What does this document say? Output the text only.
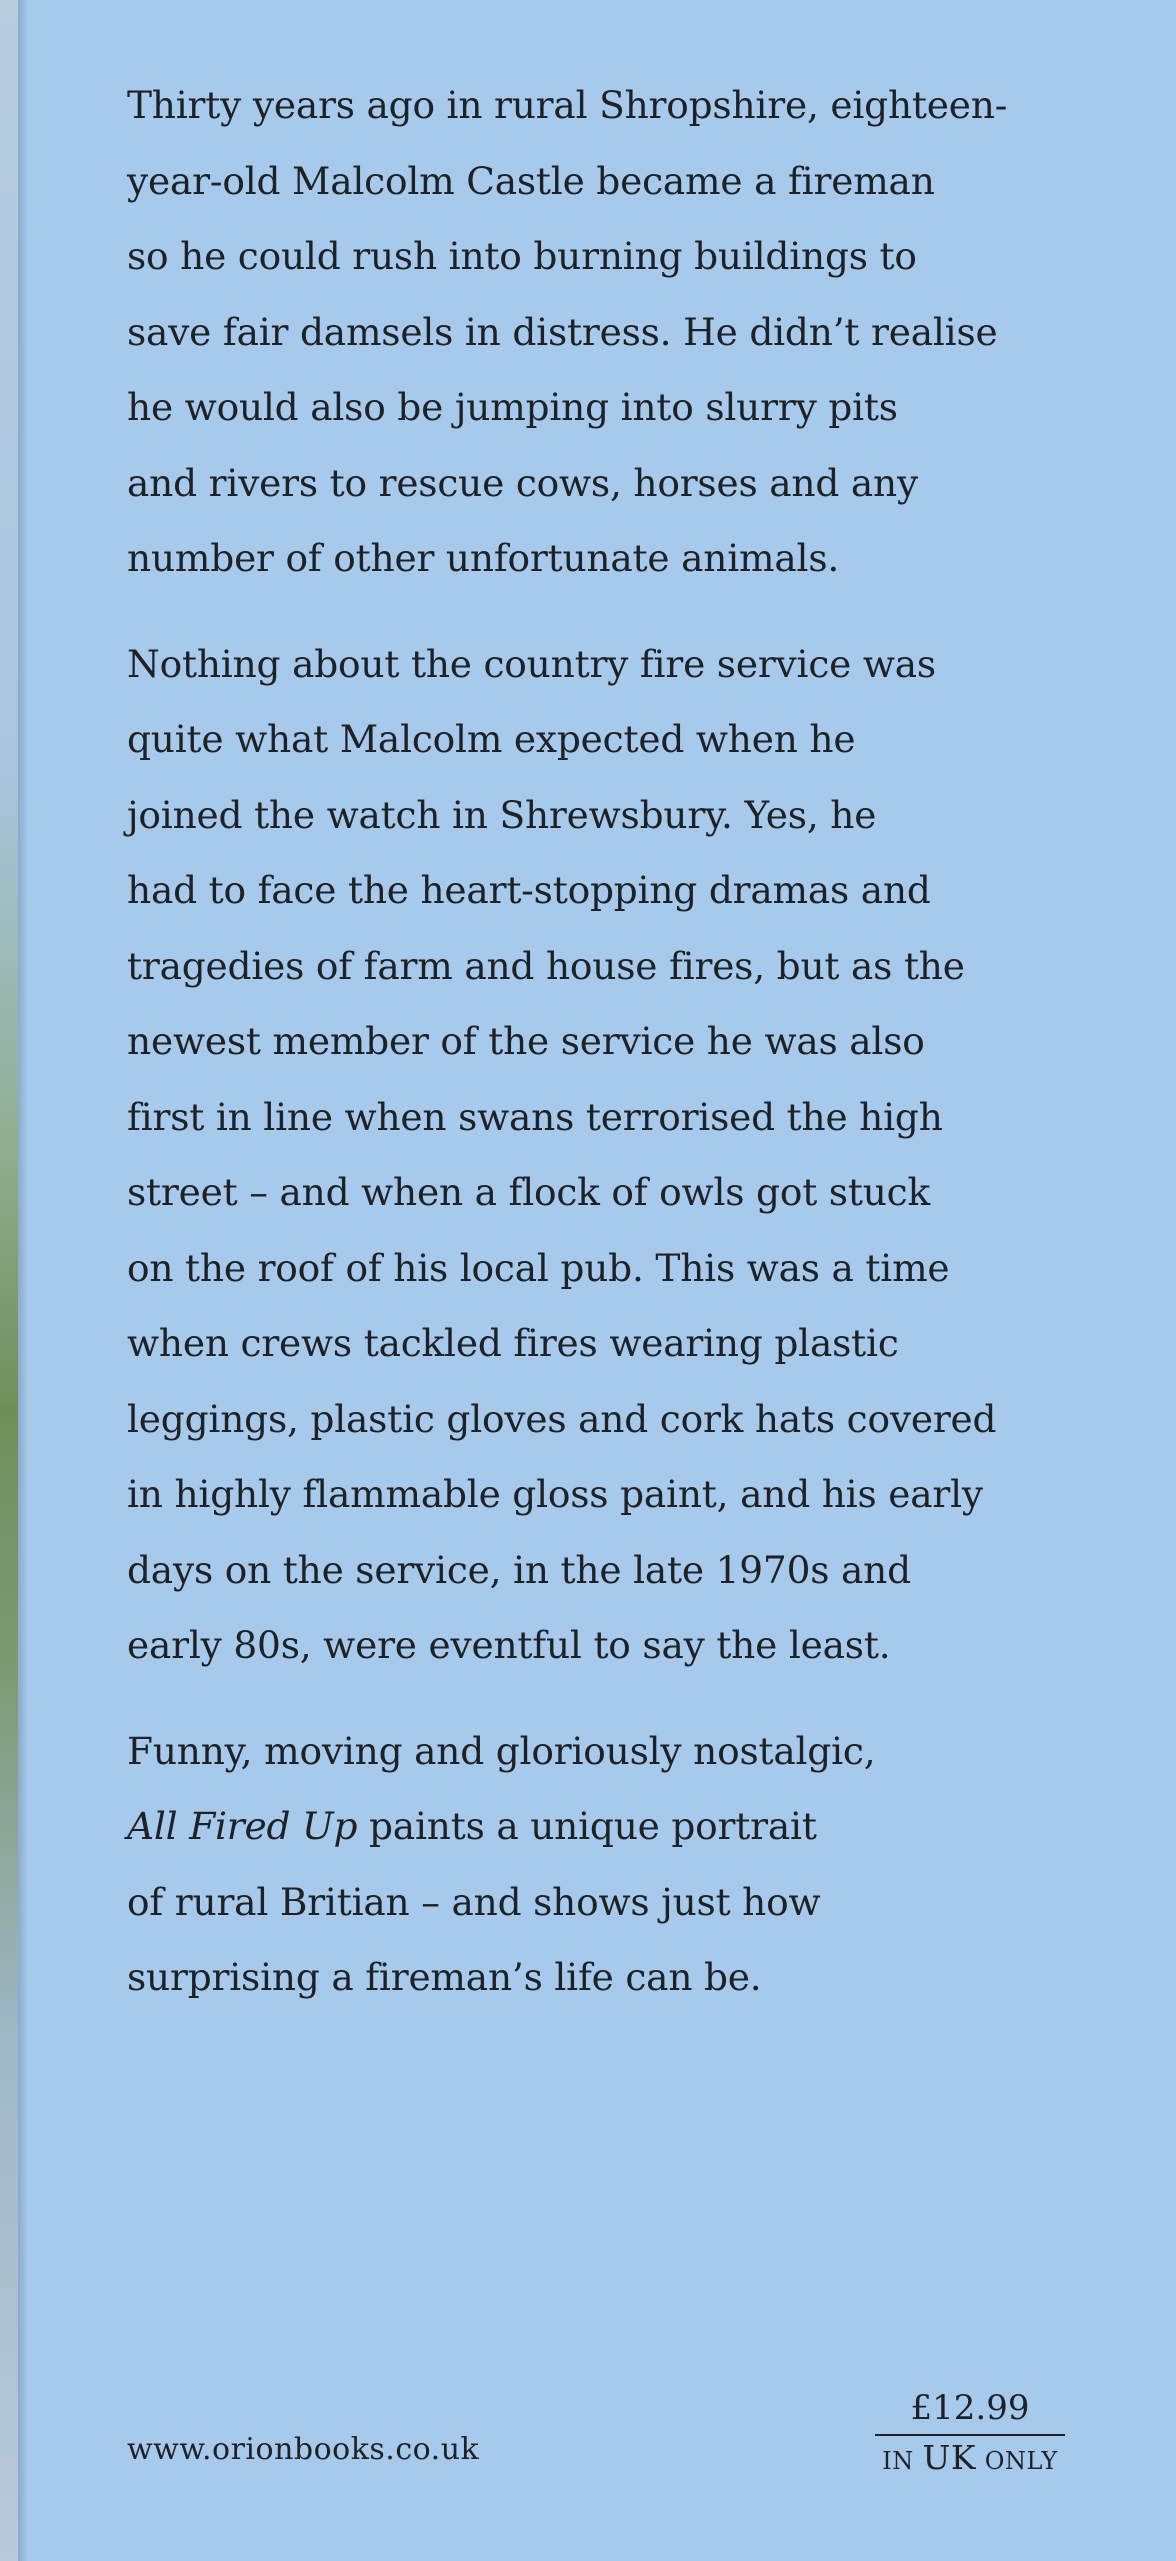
Thirty years ago in rural Shropshire, eighteen-
year-old Malcolm Castle became a fireman
so he could rush into burning buildings to
save fair damsels in distress. He didn’t realise
he would also be jumping into slurry pits
and rivers to rescue cows, horses and any
number of other unfortunate animals.
Nothing about the country fire service was
quite what Malcolm expected when he
joined the watch in Shrewsbury. Yes, he
had to face the heart-stopping dramas and
tragedies of farm and house fires, but as the
newest member of the service he was also
first in line when swans terrorised the high
street – and when a flock of owls got stuck
on the roof of his local pub. This was a time
when crews tackled fires wearing plastic
leggings, plastic gloves and cork hats covered
in highly flammable gloss paint, and his early
days on the service, in the late 1970s and
early 80s, were eventful to say the least.
Funny, moving and gloriously nostalgic,
All Fired Up paints a unique portrait
of rural Britian – and shows just how
surprising a fireman’s life can be.
www.orionbooks.co.uk
£12.99
IN UK ONLY
